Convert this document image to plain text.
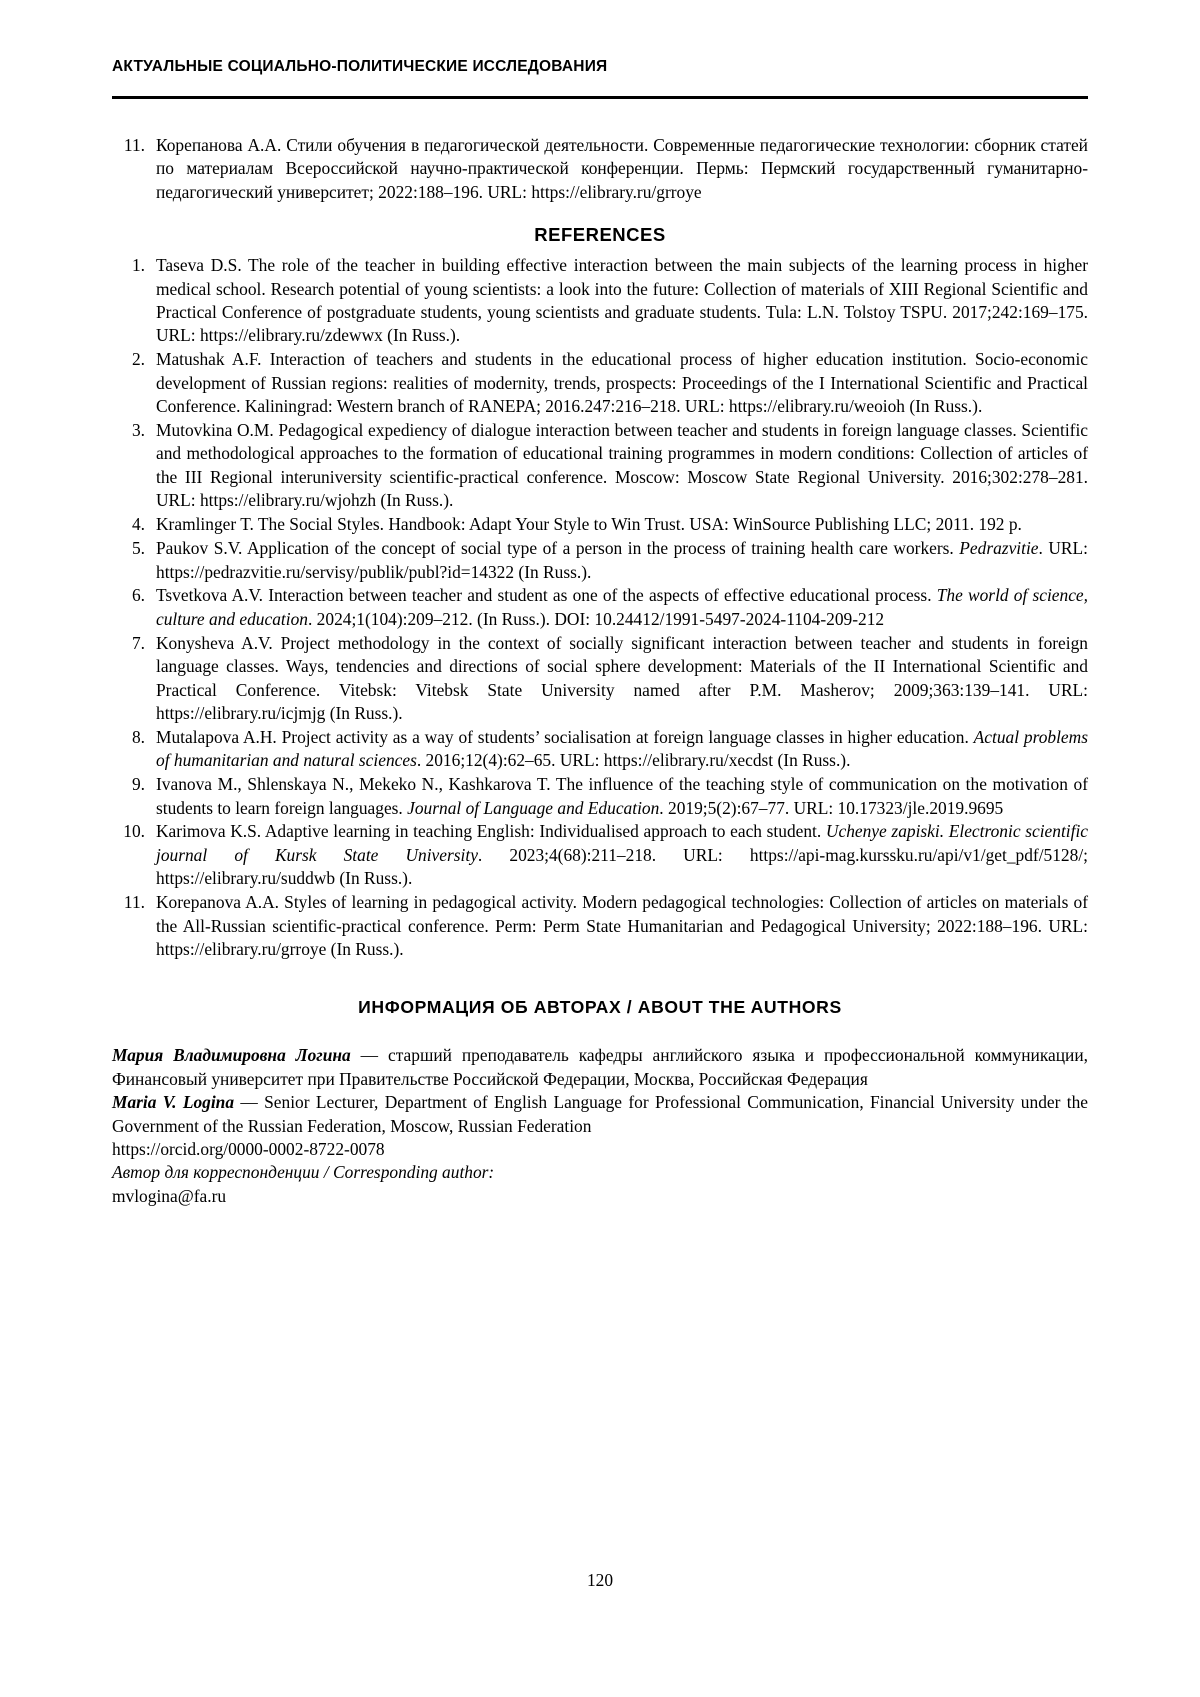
АКТУАЛЬНЫЕ СОЦИАЛЬНО-ПОЛИТИЧЕСКИЕ ИССЛЕДОВАНИЯ
11. Корепанова А.А. Стили обучения в педагогической деятельности. Современные педагогические технологии: сборник статей по материалам Всероссийской научно-практической конференции. Пермь: Пермский государственный гуманитарно-педагогический университет; 2022:188–196. URL: https://elibrary.ru/grroye
REFERENCES
1. Taseva D.S. The role of the teacher in building effective interaction between the main subjects of the learning process in higher medical school. Research potential of young scientists: a look into the future: Collection of materials of XIII Regional Scientific and Practical Conference of postgraduate students, young scientists and graduate students. Tula: L.N. Tolstoy TSPU. 2017;242:169–175. URL: https://elibrary.ru/zdewwx (In Russ.).
2. Matushak A.F. Interaction of teachers and students in the educational process of higher education institution. Socio-economic development of Russian regions: realities of modernity, trends, prospects: Proceedings of the I International Scientific and Practical Conference. Kaliningrad: Western branch of RANEPA; 2016.247:216–218. URL: https://elibrary.ru/weoioh (In Russ.).
3. Mutovkina O.M. Pedagogical expediency of dialogue interaction between teacher and students in foreign language classes. Scientific and methodological approaches to the formation of educational training programmes in modern conditions: Collection of articles of the III Regional interuniversity scientific-practical conference. Moscow: Moscow State Regional University. 2016;302:278–281. URL: https://elibrary.ru/wjohzh (In Russ.).
4. Kramlinger T. The Social Styles. Handbook: Adapt Your Style to Win Trust. USA: WinSource Publishing LLC; 2011. 192 p.
5. Paukov S.V. Application of the concept of social type of a person in the process of training health care workers. Pedrazvitie. URL: https://pedrazvitie.ru/servisy/publik/publ?id=14322 (In Russ.).
6. Tsvetkova A.V. Interaction between teacher and student as one of the aspects of effective educational process. The world of science, culture and education. 2024;1(104):209–212. (In Russ.). DOI: 10.24412/1991-5497-2024-1104-209-212
7. Konysheva A.V. Project methodology in the context of socially significant interaction between teacher and students in foreign language classes. Ways, tendencies and directions of social sphere development: Materials of the II International Scientific and Practical Conference. Vitebsk: Vitebsk State University named after P.M. Masherov; 2009;363:139–141. URL: https://elibrary.ru/icjmjg (In Russ.).
8. Mutalapova A.H. Project activity as a way of students’ socialisation at foreign language classes in higher education. Actual problems of humanitarian and natural sciences. 2016;12(4):62–65. URL: https://elibrary.ru/xecdst (In Russ.).
9. Ivanova M., Shlenskaya N., Mekeko N., Kashkarova T. The influence of the teaching style of communication on the motivation of students to learn foreign languages. Journal of Language and Education. 2019;5(2):67–77. URL: 10.17323/jle.2019.9695
10. Karimova K.S. Adaptive learning in teaching English: Individualised approach to each student. Uchenye zapiski. Electronic scientific journal of Kursk State University. 2023;4(68):211–218. URL: https://api-mag.kurssku.ru/api/v1/get_pdf/5128/; https://elibrary.ru/suddwb (In Russ.).
11. Korepanova A.A. Styles of learning in pedagogical activity. Modern pedagogical technologies: Collection of articles on materials of the All-Russian scientific-practical conference. Perm: Perm State Humanitarian and Pedagogical University; 2022:188–196. URL: https://elibrary.ru/grroye (In Russ.).
ИНФОРМАЦИЯ ОБ АВТОРАХ / ABOUT THE AUTHORS

Мария Владимировна Логина — старший преподаватель кафедры английского языка и профессиональной коммуникации, Финансовый университет при Правительстве Российской Федерации, Москва, Российская Федерация

Maria V. Logina — Senior Lecturer, Department of English Language for Professional Communication, Financial University under the Government of the Russian Federation, Moscow, Russian Federation

https://orcid.org/0000-0002-8722-0078

Автор для корреспонденции / Corresponding author:

mvlogina@fa.ru

120
